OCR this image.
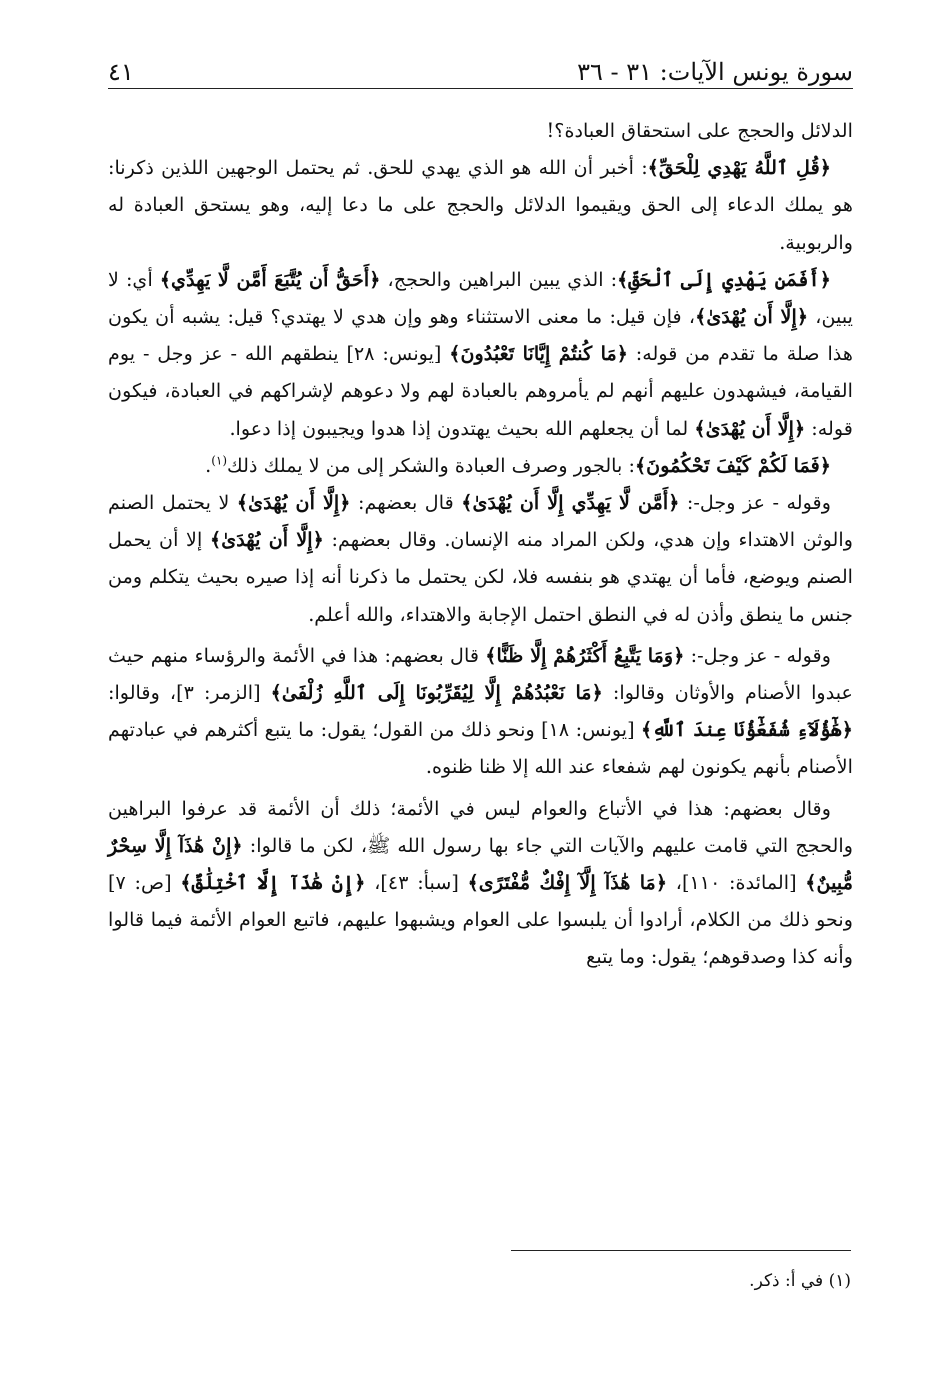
سورة يونس الآيات: ٣١ - ٣٦
٤١

الدلائل والحجج على استحقاق العبادة؟!

﴿قُلِ ٱللَّهُ يَهْدِي لِلْحَقِّ﴾: أخبر أن الله هو الذي يهدي للحق. ثم يحتمل الوجهين اللذين ذكرنا: هو يملك الدعاء إلى الحق ويقيموا الدلائل والحجج على ما دعا إليه، وهو يستحق العبادة له والربوبية.

﴿أَفَمَن يَهْدِي إِلَى ٱلْحَقِّ﴾: الذي يبين البراهين والحجج، ﴿أَحَقُّ أَن يُتَّبَعَ أَمَّن لَّا يَهِدِّي﴾ أي: لا يبين، ﴿إِلَّا أَن يُهْدَىٰ﴾، فإن قيل: ما معنى الاستثناء وهو وإن هدي لا يهتدي؟ قيل: يشبه أن يكون هذا صلة ما تقدم من قوله: ﴿مَا كُنتُمْ إِيَّانَا تَعْبُدُونَ﴾ [يونس: ٢٨] ينطقهم الله - عز وجل - يوم القيامة، فيشهدون عليهم أنهم لم يأمروهم بالعبادة لهم ولا دعوهم لإشراكهم في العبادة، فيكون قوله: ﴿إِلَّا أَن يُهْدَىٰ﴾ لما أن يجعلهم الله بحيث يهتدون إذا هدوا ويجيبون إذا دعوا.

﴿فَمَا لَكُمْ كَيْفَ تَحْكُمُونَ﴾: بالجور وصرف العبادة والشكر إلى من لا يملك ذلك$^{(١)}$.

وقوله - عز وجل-: ﴿أَمَّن لَّا يَهِدِّي إِلَّا أَن يُهْدَىٰ﴾ قال بعضهم: ﴿إِلَّا أَن يُهْدَىٰ﴾ لا يحتمل الصنم والوثن الاهتداء وإن هدي، ولكن المراد منه الإنسان. وقال بعضهم: ﴿إِلَّا أَن يُهْدَىٰ﴾ إلا أن يحمل الصنم ويوضع، فأما أن يهتدي هو بنفسه فلا، لكن يحتمل ما ذكرنا أنه إذا صيره بحيث يتكلم ومن جنس ما ينطق وأذن له في النطق احتمل الإجابة والاهتداء، والله أعلم.

وقوله - عز وجل-: ﴿وَمَا يَتَّبِعُ أَكْثَرُهُمْ إِلَّا ظَنًّا﴾ قال بعضهم: هذا في الأئمة والرؤساء منهم حيث عبدوا الأصنام والأوثان وقالوا: ﴿مَا نَعْبُدُهُمْ إِلَّا لِيُقَرِّبُونَا إِلَى ٱللَّهِ زُلْفَىٰ﴾ [الزمر: ٣]، وقالوا: ﴿هَٰٓؤُلَآءِ شُفَعَٰٓؤُنَا عِندَ ٱللَّهِ﴾ [يونس: ١٨] ونحو ذلك من القول؛ يقول: ما يتبع أكثرهم في عبادتهم الأصنام بأنهم يكونون لهم شفعاء عند الله إلا ظنا ظنوه.

وقال بعضهم: هذا في الأتباع والعوام ليس في الأئمة؛ ذلك أن الأئمة قد عرفوا البراهين والحجج التي قامت عليهم والآيات التي جاء بها رسول الله ﷺ، لكن ما قالوا: ﴿إِنْ هَٰذَآ إِلَّا سِحْرٌ مُّبِينٌ﴾ [المائدة: ١١٠]، ﴿مَا هَٰذَآ إِلَّآ إِفْكٌ مُّفْتَرًى﴾ [سبأ: ٤٣]، ﴿إِنْ هَٰذَآ إِلَّا ٱخْتِلَٰقٌ﴾ [ص: ٧] ونحو ذلك من الكلام، أرادوا أن يلبسوا على العوام ويشبهوا عليهم، فاتبع العوام الأئمة فيما قالوا وأنه كذا وصدقوهم؛ يقول: وما يتبع

(١) في أ: ذكر.
